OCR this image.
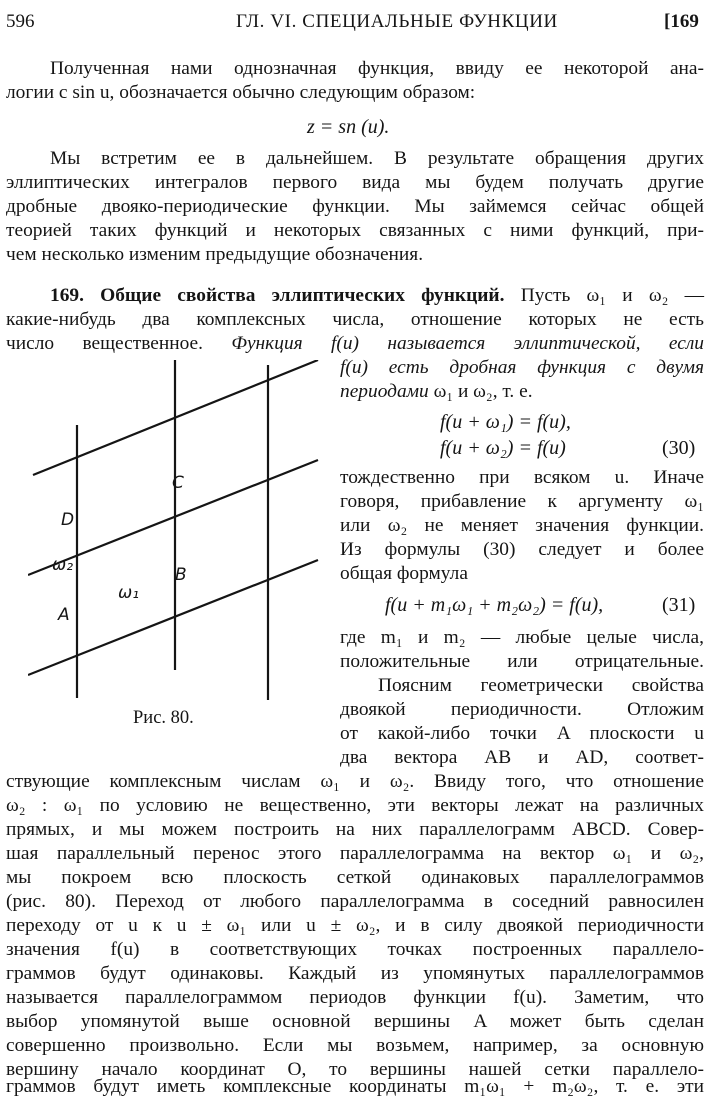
596	ГЛ. VI. СПЕЦИАЛЬНЫЕ ФУНКЦИИ	[169
Полученная нами однозначная функция, ввиду ее некоторой ана-
логии с sin u, обозначается обычно следующим образом:
z = sn (u).
Мы встретим ее в дальнейшем. В результате обращения других
эллиптических интегралов первого вида мы будем получать другие
дробные двояко-периодические функции. Мы займемся сейчас общей
теорией таких функций и некоторых связанных с ними функций, при-
чем несколько изменим предыдущие обозначения.
169. Общие свойства эллиптических функций. Пусть ω₁ и ω₂ —
какие-нибудь два комплексных числа, отношение которых не есть
число вещественное. Функция f(u) называется эллиптической, если
f(u) есть дробная функция с двумя
периодами ω₁ и ω₂, т. е.
f(u + ω₁) = f(u),
f(u + ω₂) = f(u)	(30)
тождественно при всяком u. Иначе
говоря, прибавление к аргументу ω₁
или ω₂ не меняет значения функции.
Из формулы (30) следует и более
общая формула
f(u + m₁ω₁ + m₂ω₂) = f(u),	(31)
где m₁ и m₂ — любые целые числа,
положительные или отрицательные.
Поясним геометрически свойства
двоякой периодичности. Отложим
от какой-либо точки A плоскости u
два вектора AB и AD, соответ-
C
D
ω₂	B
ω₁
A
Рис. 80.
ствующие комплексным числам ω₁ и ω₂. Ввиду того, что отношение
ω₂ : ω₁ по условию не вещественно, эти векторы лежат на различных
прямых, и мы можем построить на них параллелограмм ABCD. Совер-
шая параллельный перенос этого параллелограмма на вектор ω₁ и ω₂,
мы покроем всю плоскость сеткой одинаковых параллелограммов
(рис. 80). Переход от любого параллелограмма в соседний равносилен
переходу от u к u ± ω₁ или u ± ω₂, и в силу двоякой периодичности
значения f(u) в соответствующих точках построенных параллело-
граммов будут одинаковы. Каждый из упомянутых параллелограммов
называется параллелограммом периодов функции f(u). Заметим, что
выбор упомянутой выше основной вершины A может быть сделан
совершенно произвольно. Если мы возьмем, например, за основную
вершину начало координат O, то вершины нашей сетки параллело-
граммов будут иметь комплексные координаты m₁ω₁ + m₂ω₂, т. е. эти
